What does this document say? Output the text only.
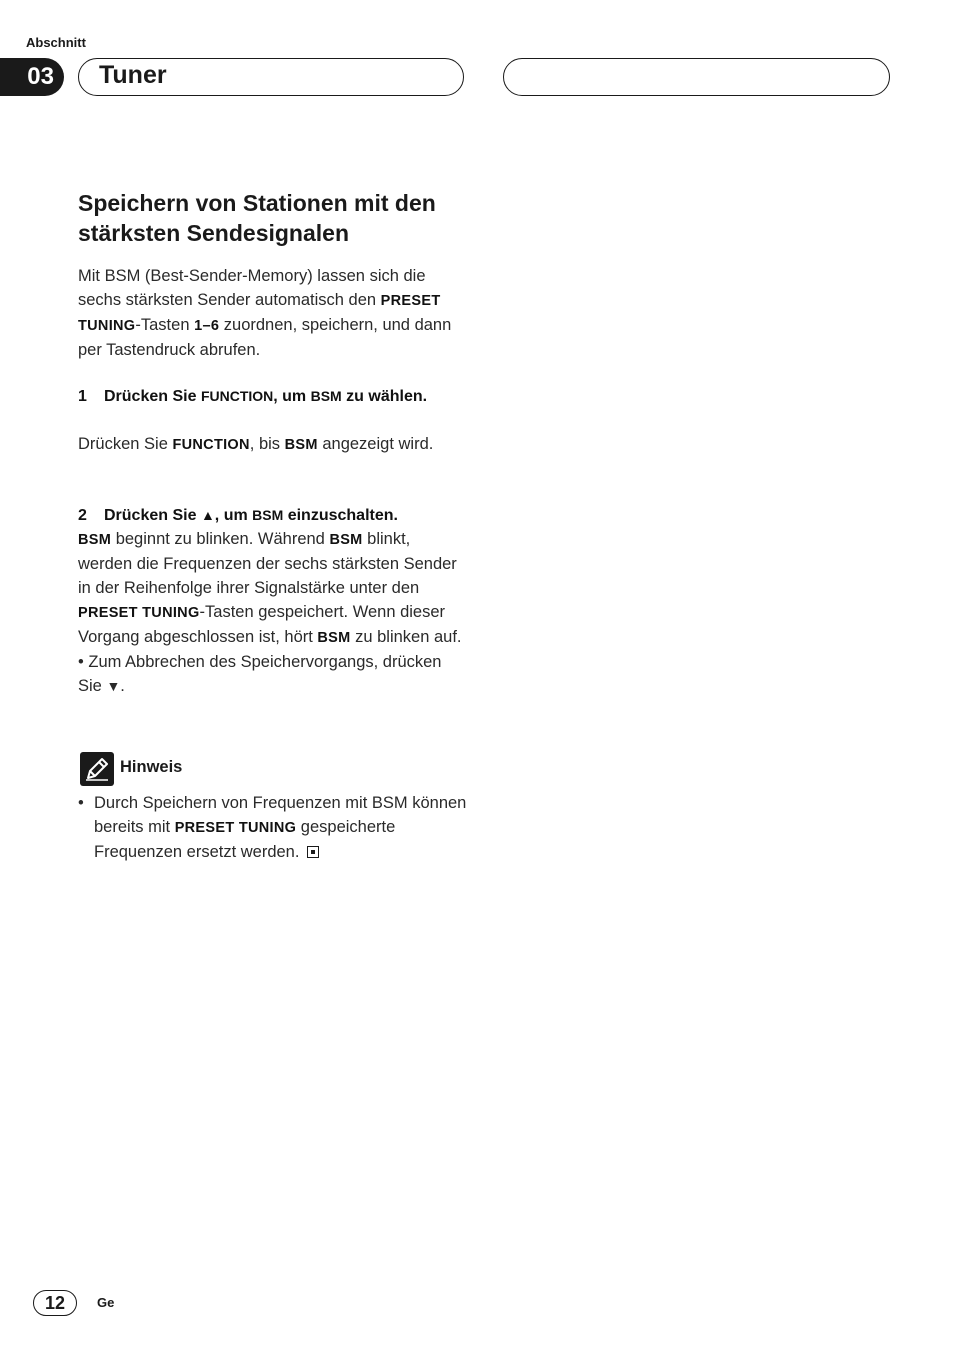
Abschnitt
03	Tuner
Speichern von Stationen mit den stärksten Sendesignalen
Mit BSM (Best-Sender-Memory) lassen sich die sechs stärksten Sender automatisch den PRESET TUNING-Tasten 1–6 zuordnen, speichern, und dann per Tastendruck abrufen.
1 Drücken Sie FUNCTION, um BSM zu wählen.
Drücken Sie FUNCTION, bis BSM angezeigt wird.
2 Drücken Sie ▲, um BSM einzuschalten.
BSM beginnt zu blinken. Während BSM blinkt, werden die Frequenzen der sechs stärksten Sender in der Reihenfolge ihrer Signalstärke unter den PRESET TUNING-Tasten gespeichert. Wenn dieser Vorgang abgeschlossen ist, hört BSM zu blinken auf.
• Zum Abbrechen des Speichervorgangs, drücken Sie ▼.
Hinweis
• Durch Speichern von Frequenzen mit BSM können bereits mit PRESET TUNING gespeicherte Frequenzen ersetzt werden.
12	Ge
